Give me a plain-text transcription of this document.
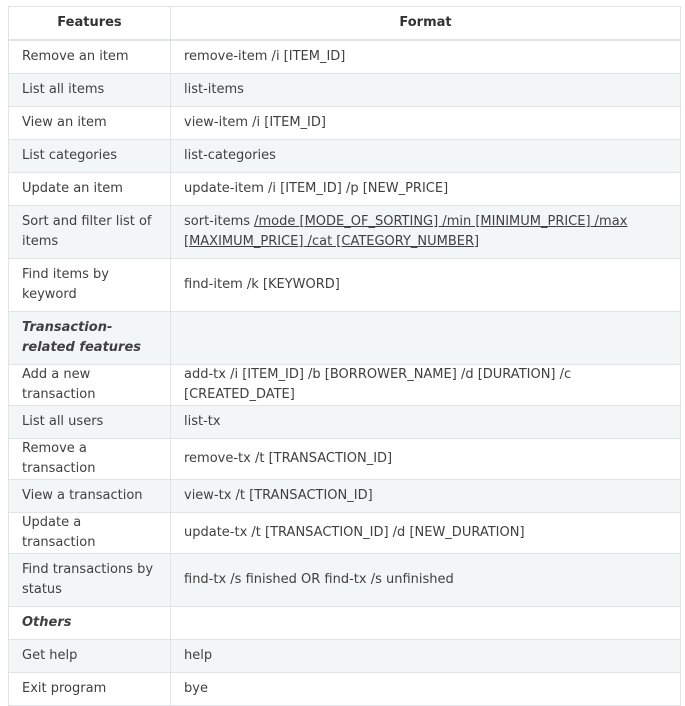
Features	Format
Remove an item	remove-item /i [ITEM_ID]
List all items	list-items
View an item	view-item /i [ITEM_ID]
List categories	list-categories
Update an item	update-item /i [ITEM_ID] /p [NEW_PRICE]
Sort and filter list of items	sort-items /mode [MODE_OF_SORTING] /min [MINIMUM_PRICE] /max [MAXIMUM_PRICE] /cat [CATEGORY_NUMBER]
Find items by keyword	find-item /k [KEYWORD]
Transaction-related features	
Add a new transaction	add-tx /i [ITEM_ID] /b [BORROWER_NAME] /d [DURATION] /c [CREATED_DATE]
List all users	list-tx
Remove a transaction	remove-tx /t [TRANSACTION_ID]
View a transaction	view-tx /t [TRANSACTION_ID]
Update a transaction	update-tx /t [TRANSACTION_ID] /d [NEW_DURATION]
Find transactions by status	find-tx /s finished OR find-tx /s unfinished
Others	
Get help	help
Exit program	bye
